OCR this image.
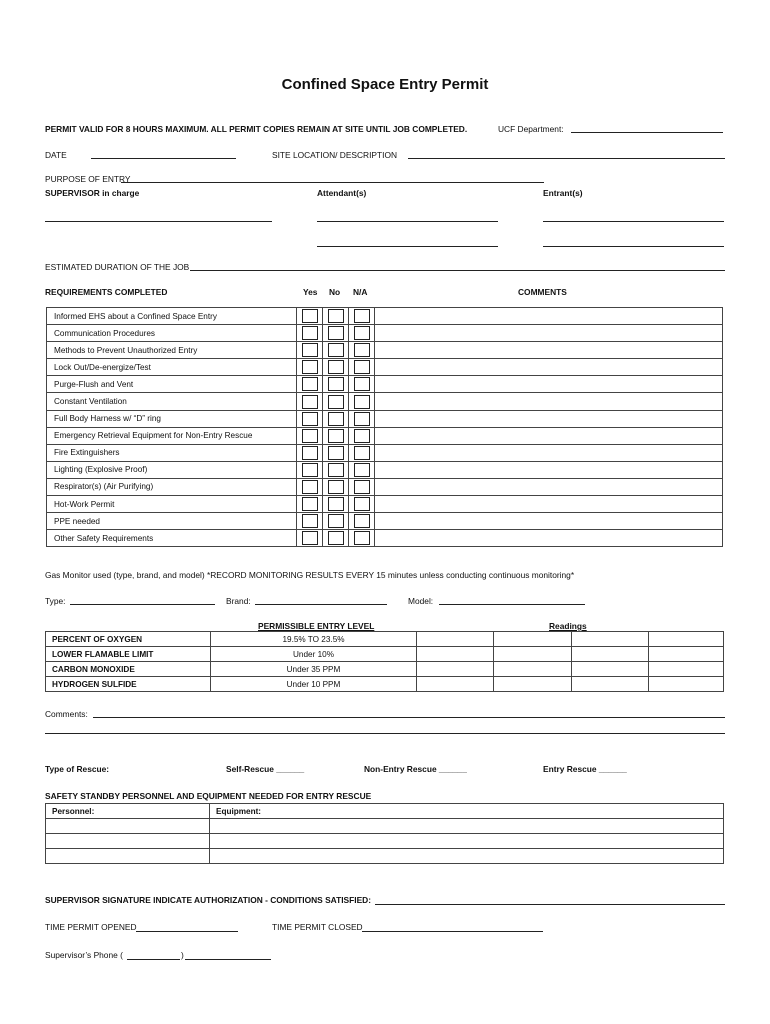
Confined Space Entry Permit
PERMIT VALID FOR 8 HOURS MAXIMUM. ALL PERMIT COPIES REMAIN AT SITE UNTIL JOB COMPLETED.	UCF Department:
DATE	SITE LOCATION/ DESCRIPTION
PURPOSE OF ENTRY
SUPERVISOR in charge	Attendant(s)	Entrant(s)
ESTIMATED DURATION OF THE JOB
REQUIREMENTS COMPLETED	Yes No N/A	COMMENTS
Informed EHS about a Confined Space Entry	

Communication Procedures	

Methods to Prevent Unauthorized Entry	

Lock Out/De-energize/Test	

Purge-Flush and Vent	

Constant Ventilation	

Full Body Harness w/ “D” ring	

Emergency Retrieval Equipment for Non-Entry Rescue	

Fire Extinguishers	

Lighting (Explosive Proof)	

Respirator(s) (Air Purifying)	

Hot-Work Permit	

PPE needed	

Other Safety Requirements	

Gas Monitor used (type, brand, and model) *RECORD MONITORING RESULTS EVERY 15 minutes unless conducting continuous monitoring*
Type:	Brand:	Model:
PERMISSIBLE ENTRY LEVEL	Readings
PERCENT OF OXYGEN	19.5% TO 23.5%				
LOWER FLAMABLE LIMIT	Under 10%				
CARBON MONOXIDE	Under 35 PPM				
HYDROGEN SULFIDE	Under 10 PPM				
Comments:
Type of Rescue:	Self-Rescue ______	Non-Entry Rescue ______	Entry Rescue ______
SAFETY STANDBY PERSONNEL AND EQUIPMENT NEEDED FOR ENTRY RESCUE
Personnel:	Equipment:

SUPERVISOR SIGNATURE INDICATE AUTHORIZATION - CONDITIONS SATISFIED:
TIME PERMIT OPENED	TIME PERMIT CLOSED
Supervisor’s Phone (	)
